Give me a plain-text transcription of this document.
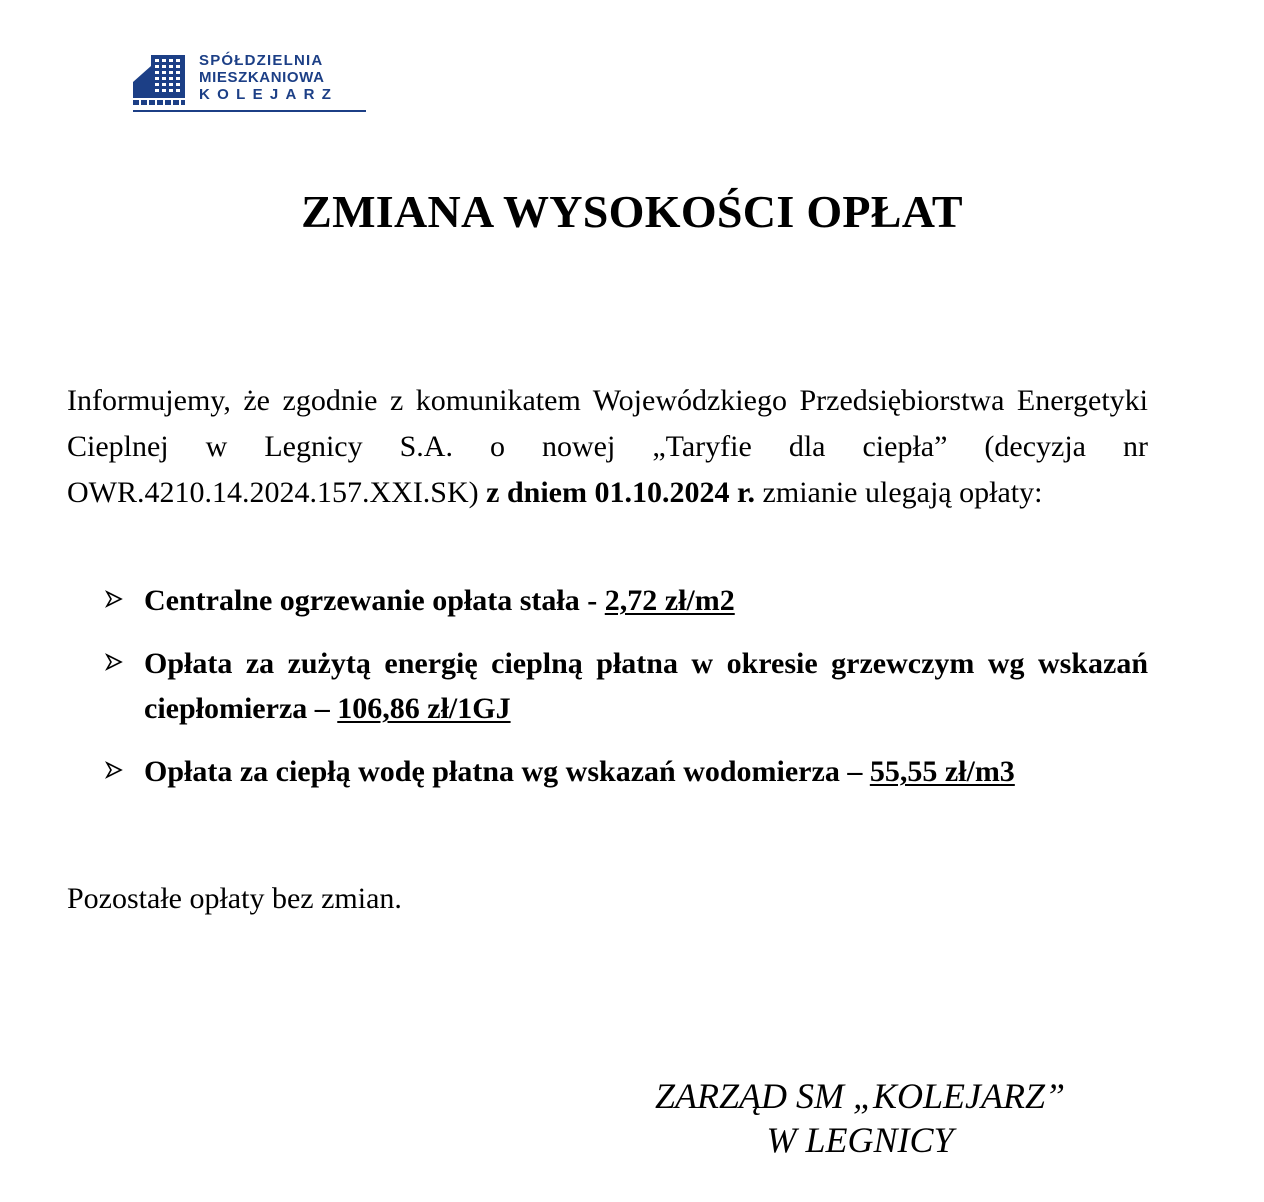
SPÓŁDZIELNIA
MIESZKANIOWA
KOLEJARZ
ZMIANA WYSOKOŚCI OPŁAT

Informujemy, że zgodnie z komunikatem Wojewódzkiego Przedsiębiorstwa Energetyki Cieplnej w Legnicy S.A. o nowej „Taryfie dla ciepła” (decyzja nr OWR.4210.14.2024.157.XXI.SK) z dniem 01.10.2024 r. zmianie ulegają opłaty:

Centralne ogrzewanie opłata stała - 2,72 zł/m2
Opłata za zużytą energię cieplną płatna w okresie grzewczym wg wskazań ciepłomierza – 106,86 zł/1GJ
Opłata za ciepłą wodę płatna wg wskazań wodomierza – 55,55 zł/m3

Pozostałe opłaty bez zmian.

ZARZĄD SM „KOLEJARZ”
W LEGNICY
